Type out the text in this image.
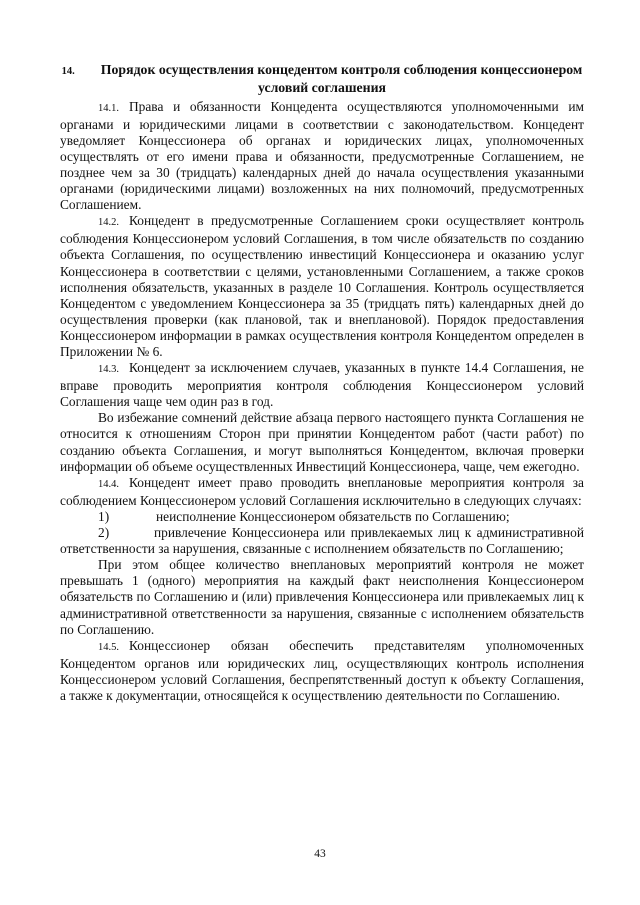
14. Порядок осуществления концедентом контроля соблюдения концессионером условий соглашения

14.1. Права и обязанности Концедента осуществляются уполномоченными им органами и юридическими лицами в соответствии с законодательством. Концедент уведомляет Концессионера об органах и юридических лицах, уполномоченных осуществлять от его имени права и обязанности, предусмотренные Соглашением, не позднее чем за 30 (тридцать) календарных дней до начала осуществления указанными органами (юридическими лицами) возложенных на них полномочий, предусмотренных Соглашением.

14.2. Концедент в предусмотренные Соглашением сроки осуществляет контроль соблюдения Концессионером условий Соглашения, в том числе обязательств по созданию объекта Соглашения, по осуществлению инвестиций Концессионера и оказанию услуг Концессионера в соответствии с целями, установленными Соглашением, а также сроков исполнения обязательств, указанных в разделе 10 Соглашения. Контроль осуществляется Концедентом с уведомлением Концессионера за 35 (тридцать пять) календарных дней до осуществления проверки (как плановой, так и внеплановой). Порядок предоставления Концессионером информации в рамках осуществления контроля Концедентом определен в Приложении № 6.

14.3. Концедент за исключением случаев, указанных в пункте 14.4 Соглашения, не вправе проводить мероприятия контроля соблюдения Концессионером условий Соглашения чаще чем один раз в год.

Во избежание сомнений действие абзаца первого настоящего пункта Соглашения не относится к отношениям Сторон при принятии Концедентом работ (части работ) по созданию объекта Соглашения, и могут выполняться Концедентом, включая проверки информации об объеме осуществленных Инвестиций Концессионера, чаще, чем ежегодно.

14.4. Концедент имеет право проводить внеплановые мероприятия контроля за соблюдением Концессионером условий Соглашения исключительно в следующих случаях:

1)	неисполнение Концессионером обязательств по Соглашению;

2)	привлечение Концессионера или привлекаемых лиц к административной ответственности за нарушения, связанные с исполнением обязательств по Соглашению;

При этом общее количество внеплановых мероприятий контроля не может превышать 1 (одного) мероприятия на каждый факт неисполнения Концессионером обязательств по Соглашению и (или) привлечения Концессионера или привлекаемых лиц к административной ответственности за нарушения, связанные с исполнением обязательств по Соглашению.

14.5. Концессионер обязан обеспечить представителям уполномоченных Концедентом органов или юридических лиц, осуществляющих контроль исполнения Концессионером условий Соглашения, беспрепятственный доступ к объекту Соглашения, а также к документации, относящейся к осуществлению деятельности по Соглашению.

43
